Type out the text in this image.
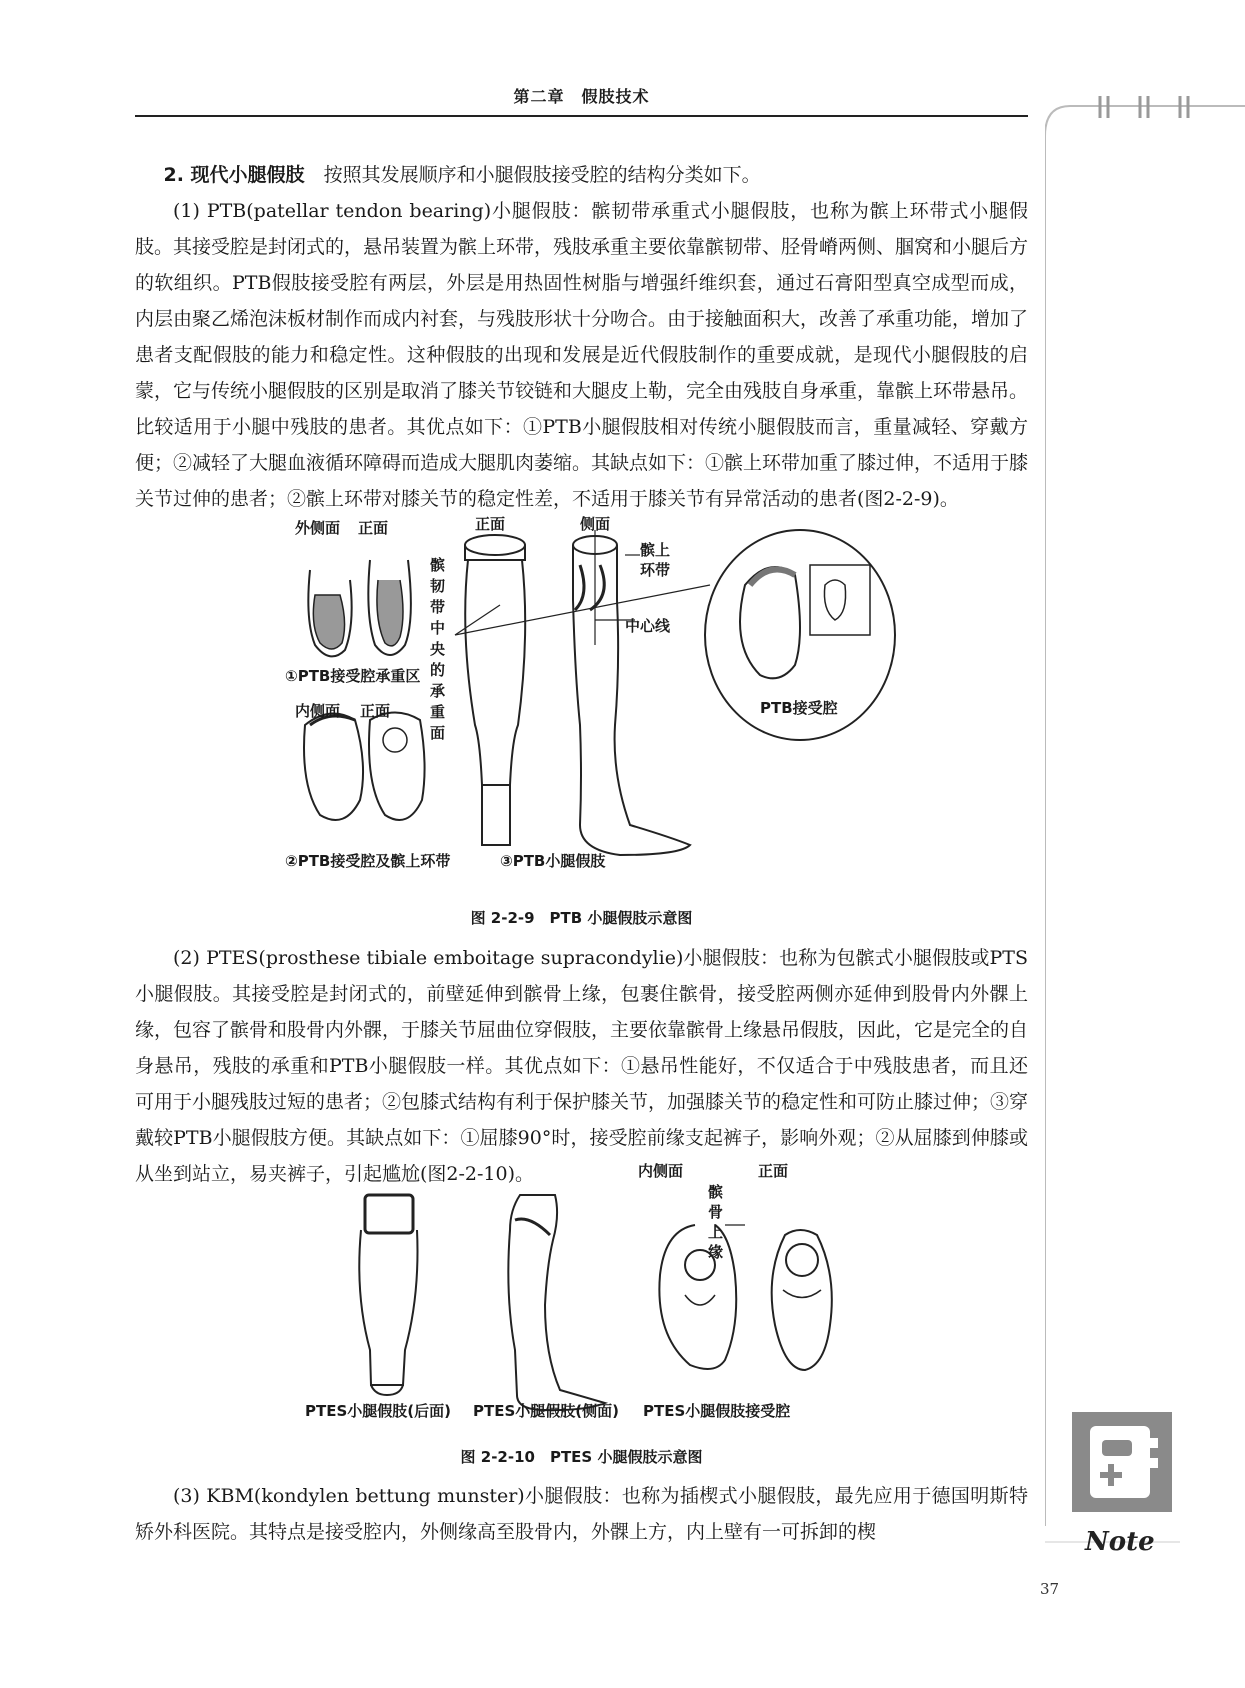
第二章　假肢技术
Note

2. 现代小腿假肢　 按照其发展顺序和小腿假肢接受腔的结构分类如下。

(1) PTB(patellar tendon bearing)小腿假肢：髌韧带承重式小腿假肢，也称为髌上环带式小腿假肢。其接受腔是封闭式的，悬吊装置为髌上环带，残肢承重主要依靠髌韧带、胫骨嵴两侧、腘窝和小腿后方的软组织。PTB假肢接受腔有两层，外层是用热固性树脂与增强纤维织套，通过石膏阳型真空成型而成，内层由聚乙烯泡沫板材制作而成内衬套，与残肢形状十分吻合。由于接触面积大，改善了承重功能，增加了患者支配假肢的能力和稳定性。这种假肢的出现和发展是近代假肢制作的重要成就，是现代小腿假肢的启蒙，它与传统小腿假肢的区别是取消了膝关节铰链和大腿皮上勒，完全由残肢自身承重，靠髌上环带悬吊。比较适用于小腿中残肢的患者。其优点如下：①PTB小腿假肢相对传统小腿假肢而言，重量减轻、穿戴方便；②减轻了大腿血液循环障碍而造成大腿肌肉萎缩。其缺点如下：①髌上环带加重了膝过伸，不适用于膝关节过伸的患者；②髌上环带对膝关节的稳定性差，不适用于膝关节有异常活动的患者(图2-2-9)。

外侧面 正面
①PTB接受腔承重区
内侧面 正面
②PTB接受腔及髌上环带
正面	侧面
髌韧带中央的承重面
髌上环带
中心线
③PTB小腿假肢
PTB接受腔
图 2-2-9　PTB 小腿假肢示意图

(2) PTES(prosthese tibiale emboitage supracondylie)小腿假肢：也称为包髌式小腿假肢或PTS小腿假肢。其接受腔是封闭式的，前壁延伸到髌骨上缘，包裹住髌骨，接受腔两侧亦延伸到股骨内外髁上缘，包容了髌骨和股骨内外髁，于膝关节屈曲位穿假肢，主要依靠髌骨上缘悬吊假肢，因此，它是完全的自身悬吊，残肢的承重和PTB小腿假肢一样。其优点如下：①悬吊性能好，不仅适合于中残肢患者，而且还可用于小腿残肢过短的患者；②包膝式结构有利于保护膝关节，加强膝关节的稳定性和可防止膝过伸；③穿戴较PTB小腿假肢方便。其缺点如下：①屈膝90°时，接受腔前缘支起裤子，影响外观；②从屈膝到伸膝或从坐到站立，易夹裤子，引起尴尬(图2-2-10)。	内侧面	正面
髌骨上缘
PTES小腿假肢(后面) PTES小腿假肢(侧面) PTES小腿假肢接受腔
图 2-2-10　PTES 小腿假肢示意图

(3) KBM(kondylen bettung munster)小腿假肢：也称为插楔式小腿假肢，最先应用于德国明斯特矫外科医院。其特点是接受腔内，外侧缘高至股骨内，外髁上方，内上壁有一可拆卸的楔

37
